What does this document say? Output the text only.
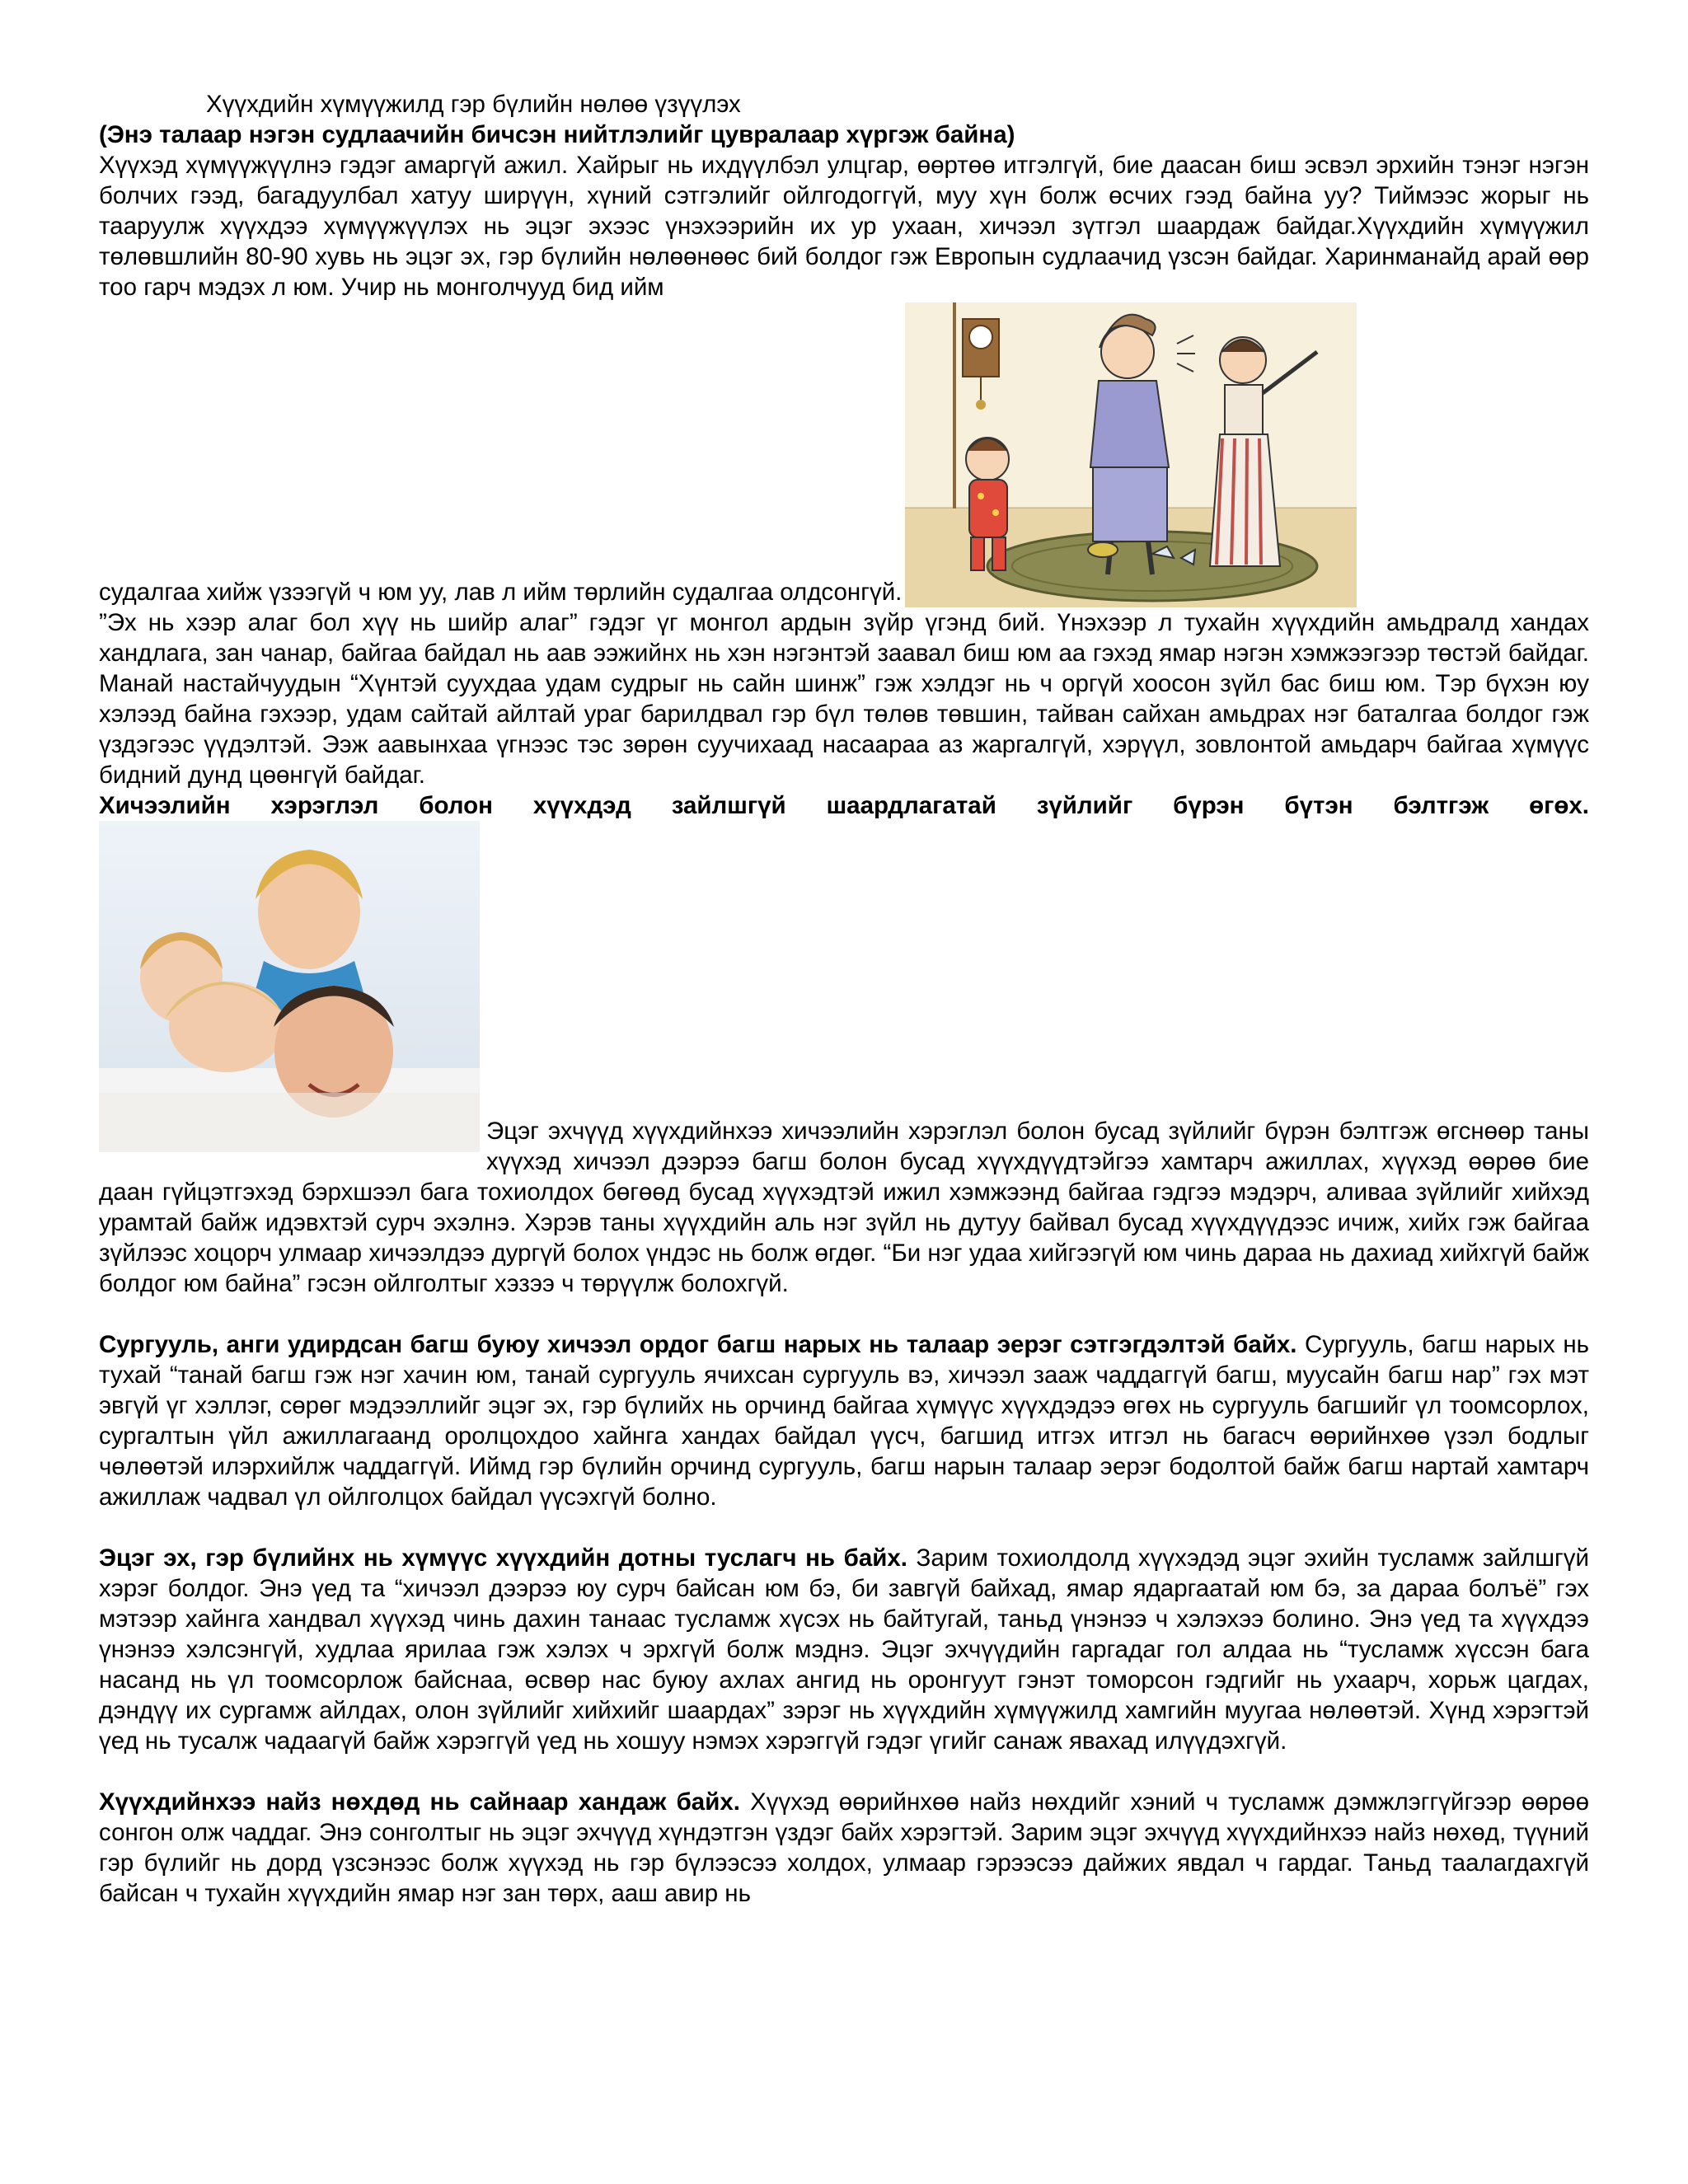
Хүүхдийн хүмүүжилд гэр бүлийн нөлөө үзүүлэх

(Энэ талаар нэгэн судлаачийн бичсэн нийтлэлийг цувралаар хүргэж байна)

Хүүхэд хүмүүжүүлнэ гэдэг амаргүй ажил. Хайрыг нь ихдүүлбэл улцгар, өөртөө итгэлгүй, бие даасан биш эсвэл эрхийн тэнэг нэгэн болчих гээд, багадуулбал хатуу ширүүн, хүний сэтгэлийг ойлгодоггүй, муу хүн болж өсчих гээд байна уу? Тиймээс жорыг нь тааруулж хүүхдээ хүмүүжүүлэх нь эцэг эхээс үнэхээрийн их ур ухаан, хичээл зүтгэл шаардаж байдаг.Хүүхдийн хүмүүжил төлөвшлийн 80-90 хувь нь эцэг эх, гэр бүлийн нөлөөнөөс бий болдог гэж Европын судлаачид үзсэн байдаг. Харинманайд арай өөр тоо гарч мэдэх л юм. Учир нь монголчууд бид ийм

судалгаа хийж үзээгүй ч юм уу, лав л ийм төрлийн судалгаа олдсонгүй.

”Эх нь хээр алаг бол хүү нь шийр алаг” гэдэг үг монгол ардын зүйр үгэнд бий. Үнэхээр л тухайн хүүхдийн амьдралд хандах хандлага, зан чанар, байгаа байдал нь аав ээжийнх нь хэн нэгэнтэй заавал биш юм аа гэхэд ямар нэгэн хэмжээгээр төстэй байдаг. Манай настайчуудын “Хүнтэй суухдаа удам судрыг нь сайн шинж” гэж хэлдэг нь ч оргүй хоосон зүйл бас биш юм. Тэр бүхэн юу хэлээд байна гэхээр, удам сайтай айлтай ураг барилдвал гэр бүл төлөв төвшин, тайван сайхан амьдрах нэг баталгаа болдог гэж үздэгээс үүдэлтэй. Ээж аавынхаа үгнээс тэс зөрөн суучихаад насаараа аз жаргалгүй, хэрүүл, зовлонтой амьдарч байгаа хүмүүс бидний дунд цөөнгүй байдаг.

Хичээлийн хэрэглэл болон хүүхдэд зайлшгүй шаардлагатай зүйлийг бүрэн бүтэн бэлтгэж өгөх.

Эцэг эхчүүд хүүхдийнхээ хичээлийн хэрэглэл болон бусад зүйлийг бүрэн бэлтгэж өгснөөр таны хүүхэд хичээл дээрээ багш болон бусад хүүхдүүдтэйгээ хамтарч ажиллах, хүүхэд өөрөө бие даан гүйцэтгэхэд бэрхшээл бага тохиолдох бөгөөд бусад хүүхэдтэй ижил хэмжээнд байгаа гэдгээ мэдэрч, аливаа зүйлийг хийхэд урамтай байж идэвхтэй сурч эхэлнэ. Хэрэв таны хүүхдийн аль нэг зүйл нь дутуу байвал бусад хүүхдүүдээс ичиж, хийх гэж байгаа зүйлээс хоцорч улмаар хичээлдээ дургүй болох үндэс нь болж өгдөг. “Би нэг удаа хийгээгүй юм чинь дараа нь дахиад хийхгүй байж болдог юм байна” гэсэн ойлголтыг хэзээ ч төрүүлж болохгүй.

Сургууль, анги удирдсан багш буюу хичээл ордог багш нарых нь талаар эерэг сэтгэгдэлтэй байх. Сургууль, багш нарых нь тухай “танай багш гэж нэг хачин юм, танай сургууль ячихсан сургууль вэ, хичээл зааж чаддаггүй багш, муусайн багш нар” гэх мэт эвгүй үг хэллэг, сөрөг мэдээллийг эцэг эх, гэр бүлийх нь орчинд байгаа хүмүүс хүүхдэдээ өгөх нь сургууль багшийг үл тоомсорлох, сургалтын үйл ажиллагаанд оролцохдоо хайнга хандах байдал үүсч, багшид итгэх итгэл нь багасч өөрийнхөө үзэл бодлыг чөлөөтэй илэрхийлж чаддаггүй. Иймд гэр бүлийн орчинд сургууль, багш нарын талаар эерэг бодолтой байж багш нартай хамтарч ажиллаж чадвал үл ойлголцох байдал үүсэхгүй болно.

Эцэг эх, гэр бүлийнх нь хүмүүс хүүхдийн дотны туслагч нь байх. Зарим тохиолдолд хүүхэдэд эцэг эхийн тусламж зайлшгүй хэрэг болдог. Энэ үед та “хичээл дээрээ юу сурч байсан юм бэ, би завгүй байхад, ямар ядаргаатай юм бэ, за дараа болъё” гэх мэтээр хайнга хандвал хүүхэд чинь дахин танаас тусламж хүсэх нь байтугай, таньд үнэнээ ч хэлэхээ болино. Энэ үед та хүүхдээ үнэнээ хэлсэнгүй, худлаа ярилаа гэж хэлэх ч эрхгүй болж мэднэ. Эцэг эхчүүдийн гаргадаг гол алдаа нь “тусламж хүссэн бага насанд нь үл тоомсорлож байснаа, өсвөр нас буюу ахлах ангид нь оронгуут гэнэт томорсон гэдгийг нь ухаарч, хорьж цагдах, дэндүү их сургамж айлдах, олон зүйлийг хийхийг шаардах” зэрэг нь хүүхдийн хүмүүжилд хамгийн муугаа нөлөөтэй. Хүнд хэрэгтэй үед нь тусалж чадаагүй байж хэрэггүй үед нь хошуу нэмэх хэрэггүй гэдэг үгийг санаж явахад илүүдэхгүй.

Хүүхдийнхээ найз нөхдөд нь сайнаар хандаж байх. Хүүхэд өөрийнхөө найз нөхдийг хэний ч тусламж дэмжлэггүйгээр өөрөө сонгон олж чаддаг. Энэ сонголтыг нь эцэг эхчүүд хүндэтгэн үздэг байх хэрэгтэй. Зарим эцэг эхчүүд хүүхдийнхээ найз нөхөд, түүний гэр бүлийг нь дорд үзсэнээс болж хүүхэд нь гэр бүлээсээ холдох, улмаар гэрээсээ дайжих явдал ч гардаг. Таньд таалагдахгүй байсан ч тухайн хүүхдийн ямар нэг зан төрх, ааш авир нь
